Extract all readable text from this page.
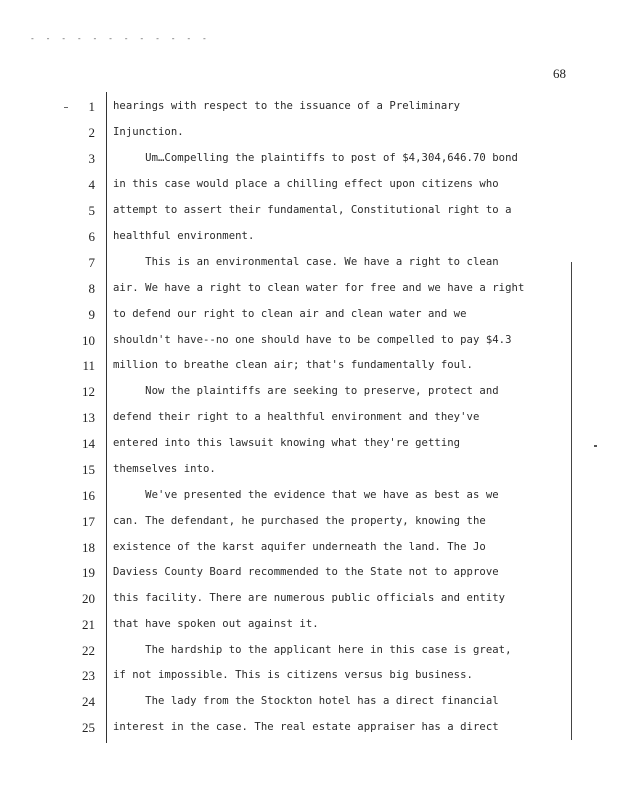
- - - - - - - - - - - -
68
1 hearings with respect to the issuance of a Preliminary
2 Injunction.
3 Um…Compelling the plaintiffs to post of $4,304,646.70 bond
4 in this case would place a chilling effect upon citizens who
5 attempt to assert their fundamental, Constitutional right to a
6 healthful environment.
7 This is an environmental case. We have a right to clean
8 air. We have a right to clean water for free and we have a right
9 to defend our right to clean air and clean water and we
10 shouldn't have--no one should have to be compelled to pay $4.3
11 million to breathe clean air; that's fundamentally foul.
12 Now the plaintiffs are seeking to preserve, protect and
13 defend their right to a healthful environment and they've
14 entered into this lawsuit knowing what they're getting
15 themselves into.
16 We've presented the evidence that we have as best as we
17 can. The defendant, he purchased the property, knowing the
18 existence of the karst aquifer underneath the land. The Jo
19 Daviess County Board recommended to the State not to approve
20 this facility. There are numerous public officials and entity
21 that have spoken out against it.
22 The hardship to the applicant here in this case is great,
23 if not impossible. This is citizens versus big business.
24 The lady from the Stockton hotel has a direct financial
25 interest in the case. The real estate appraiser has a direct
